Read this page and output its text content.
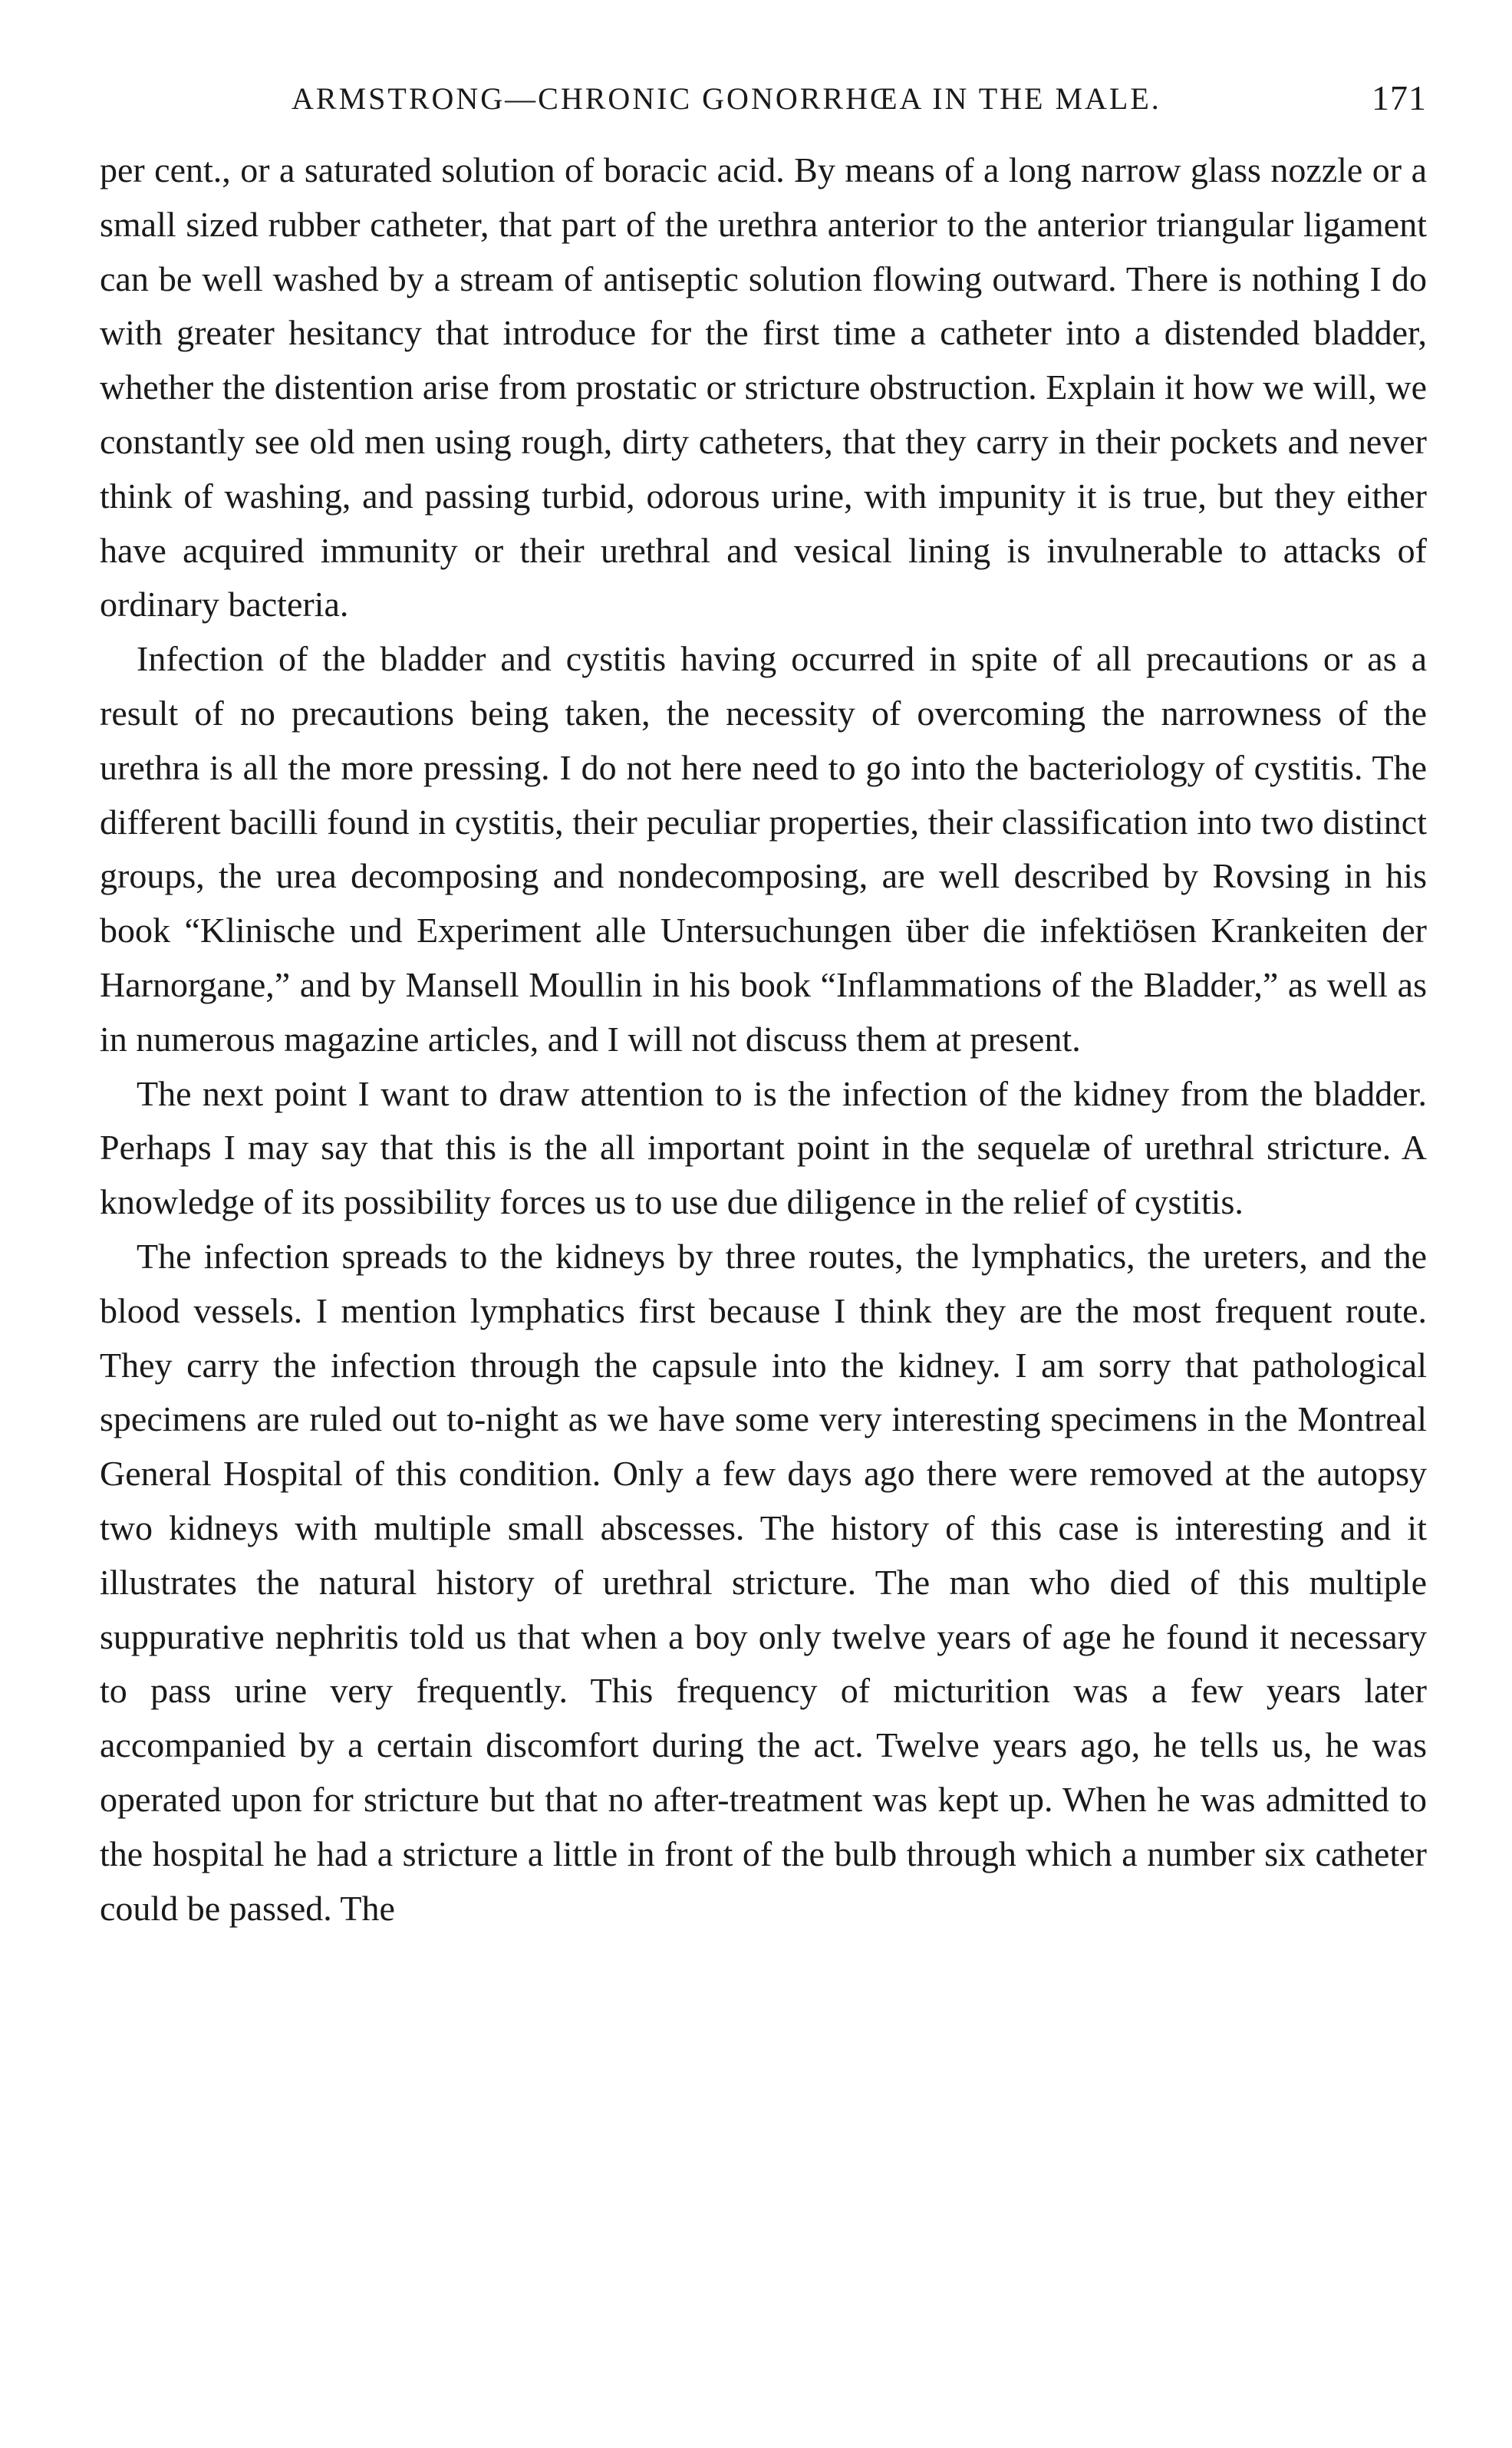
ARMSTRONG—CHRONIC GONORRHŒA IN THE MALE.	171

per cent., or a saturated solution of boracic acid. By means of a long narrow glass nozzle or a small sized rubber catheter, that part of the urethra anterior to the anterior triangular ligament can be well washed by a stream of antiseptic solution flowing outward. There is nothing I do with greater hesitancy that introduce for the first time a catheter into a distended bladder, whether the distention arise from prostatic or stricture obstruction. Explain it how we will, we constantly see old men using rough, dirty catheters, that they carry in their pockets and never think of washing, and passing turbid, odorous urine, with impunity it is true, but they either have acquired immunity or their urethral and vesical lining is invulnerable to attacks of ordinary bacteria.

Infection of the bladder and cystitis having occurred in spite of all precautions or as a result of no precautions being taken, the necessity of overcoming the narrowness of the urethra is all the more pressing. I do not here need to go into the bacteriology of cystitis. The different bacilli found in cystitis, their peculiar properties, their classification into two distinct groups, the urea decomposing and nondecomposing, are well described by Rovsing in his book “Klinische und Experiment alle Untersuchungen über die infektiösen Krankeiten der Harnorgane,” and by Mansell Moullin in his book “Inflammations of the Bladder,” as well as in numerous magazine articles, and I will not discuss them at present.

The next point I want to draw attention to is the infection of the kidney from the bladder. Perhaps I may say that this is the all important point in the sequelæ of urethral stricture. A knowledge of its possibility forces us to use due diligence in the relief of cystitis.

The infection spreads to the kidneys by three routes, the lymphatics, the ureters, and the blood vessels. I mention lymphatics first because I think they are the most frequent route. They carry the infection through the capsule into the kidney. I am sorry that pathological specimens are ruled out to-night as we have some very interesting specimens in the Montreal General Hospital of this condition. Only a few days ago there were removed at the autopsy two kidneys with multiple small abscesses. The history of this case is interesting and it illustrates the natural history of urethral stricture. The man who died of this multiple suppurative nephritis told us that when a boy only twelve years of age he found it necessary to pass urine very frequently. This frequency of micturition was a few years later accompanied by a certain discomfort during the act. Twelve years ago, he tells us, he was operated upon for stricture but that no after-treatment was kept up. When he was admitted to the hospital he had a stricture a little in front of the bulb through which a number six catheter could be passed. The
